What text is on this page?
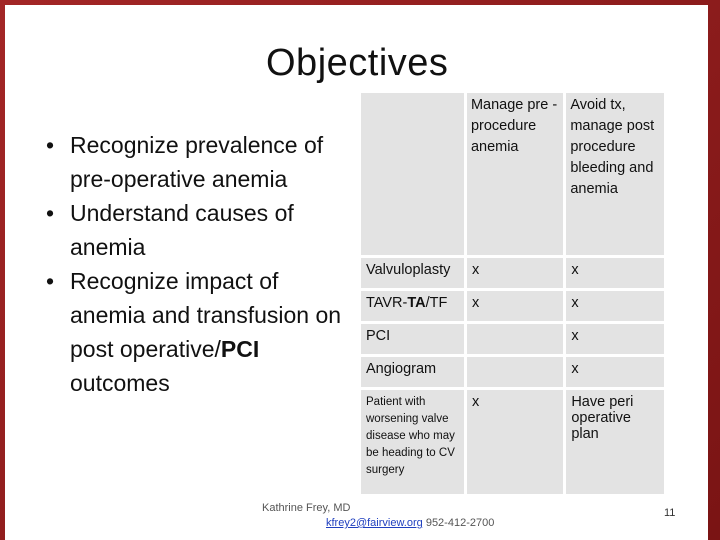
Objectives
• Recognize prevalence of pre-operative anemia
• Understand causes of anemia
• Recognize impact of anemia and transfusion on post operative/PCI outcomes
	Manage pre - procedure anemia	Avoid tx, manage post procedure bleeding and anemia
Valvuloplasty	x	x
TAVR-TA/TF	x	x
PCI		x
Angiogram		x
Patient with worsening valve disease who may be heading to CV surgery	x	Have peri operative plan
Kathrine Frey, MD
kfrey2@fairview.org 952-412-2700
11
